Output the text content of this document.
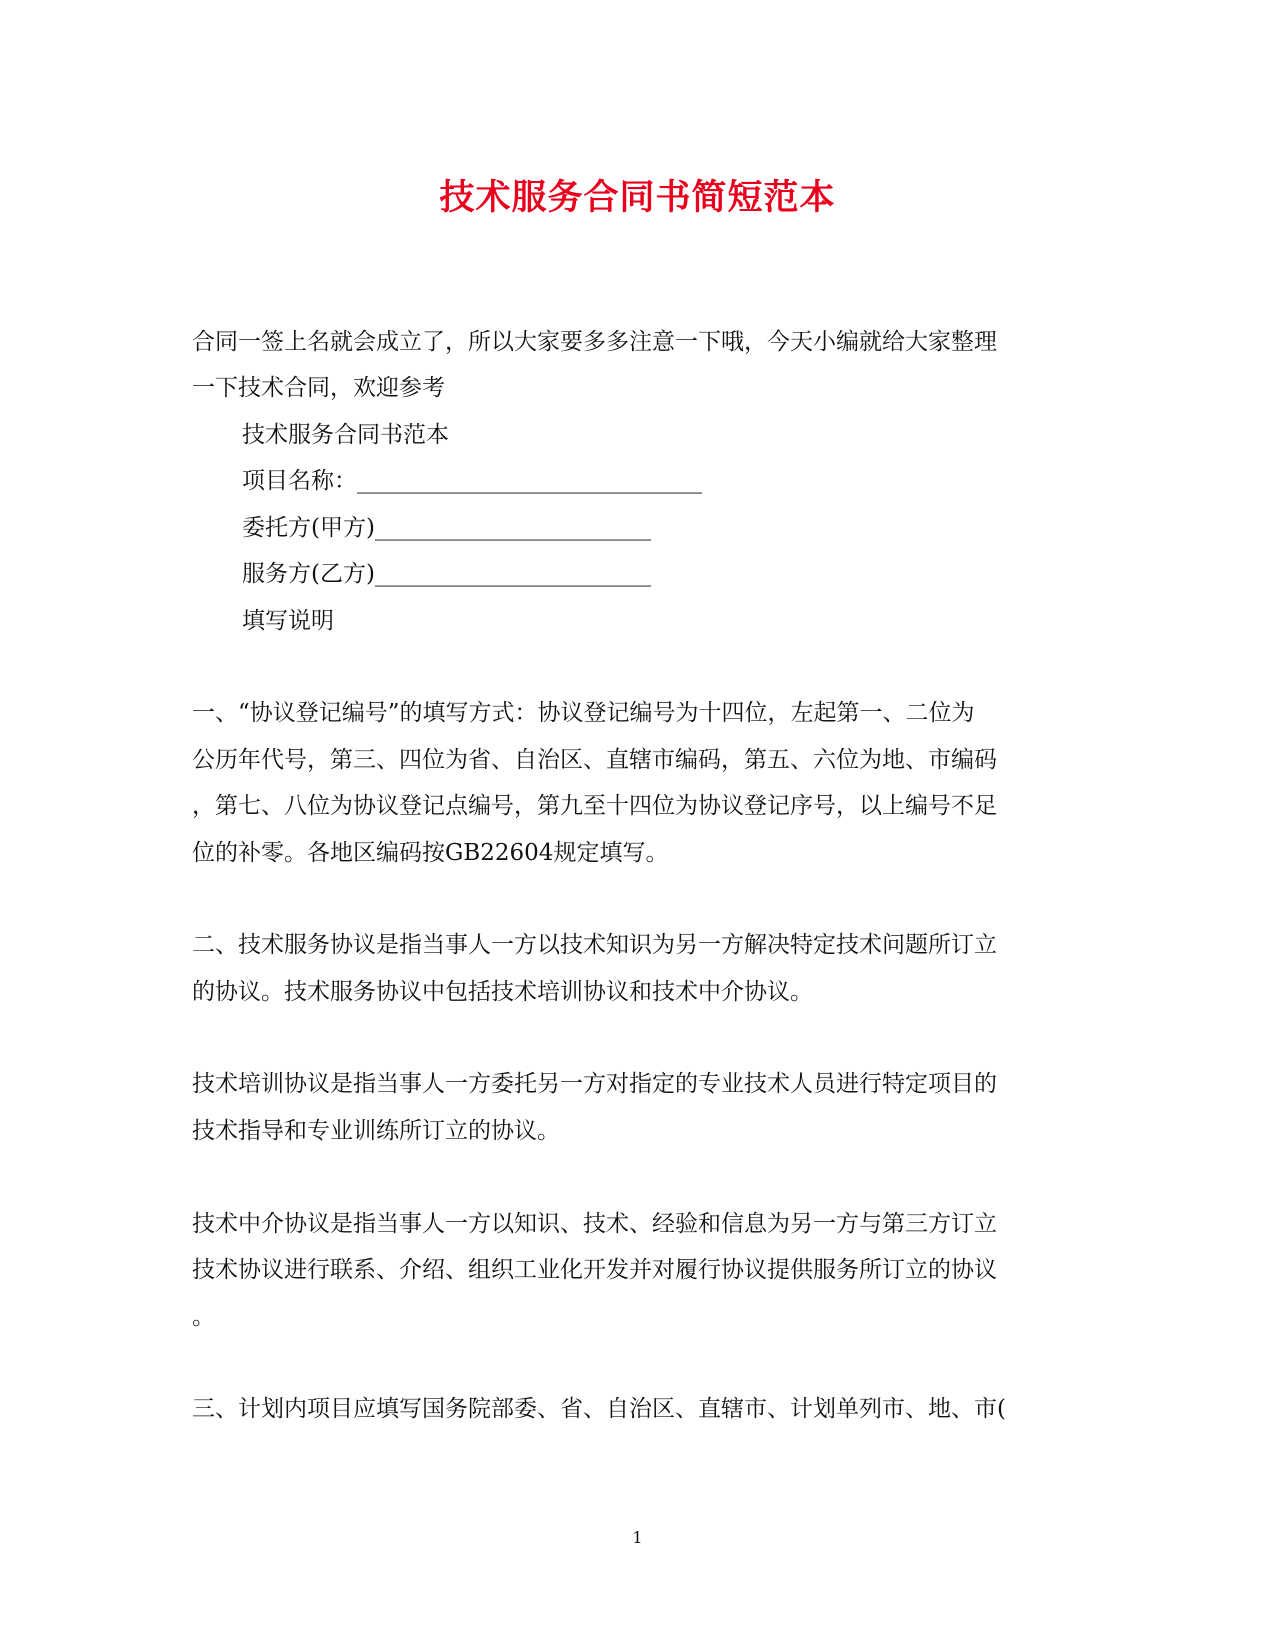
技术服务合同书简短范本
合同一签上名就会成立了，所以大家要多多注意一下哦，今天小编就给大家整理
一下技术合同，欢迎参考
技术服务合同书范本
项目名称：______________________________
委托方(甲方)________________________
服务方(乙方)________________________
填写说明
一、“协议登记编号”的填写方式：协议登记编号为十四位，左起第一、二位为
公历年代号，第三、四位为省、自治区、直辖市编码，第五、六位为地、市编码
，第七、八位为协议登记点编号，第九至十四位为协议登记序号，以上编号不足
位的补零。各地区编码按GB22604规定填写。
二、技术服务协议是指当事人一方以技术知识为另一方解决特定技术问题所订立
的协议。技术服务协议中包括技术培训协议和技术中介协议。
技术培训协议是指当事人一方委托另一方对指定的专业技术人员进行特定项目的
技术指导和专业训练所订立的协议。
技术中介协议是指当事人一方以知识、技术、经验和信息为另一方与第三方订立
技术协议进行联系、介绍、组织工业化开发并对履行协议提供服务所订立的协议
。
三、计划内项目应填写国务院部委、省、自治区、直辖市、计划单列市、地、市(
1
